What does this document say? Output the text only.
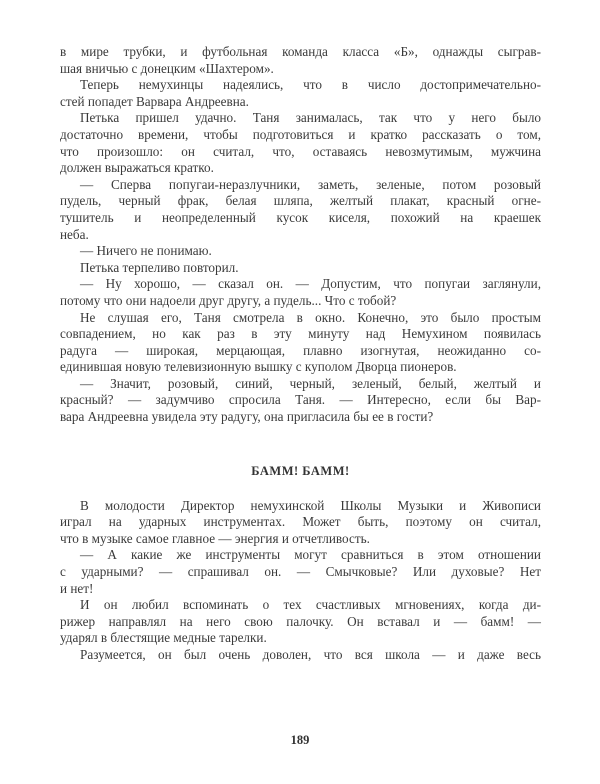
в мире трубки, и футбольная команда класса «Б», однажды сыграв-
шая вничью с донецким «Шахтером».
Теперь немухинцы надеялись, что в число достопримечательно-
стей попадет Варвара Андреевна.
Петька пришел удачно. Таня занималась, так что у него было
достаточно времени, чтобы подготовиться и кратко рассказать о том,
что произошло: он считал, что, оставаясь невозмутимым, мужчина
должен выражаться кратко.
— Сперва попугаи-неразлучники, заметь, зеленые, потом розовый
пудель, черный фрак, белая шляпа, желтый плакат, красный огне-
тушитель и неопределенный кусок киселя, похожий на краешек
неба.
— Ничего не понимаю.
Петька терпеливо повторил.
— Ну хорошо, — сказал он. — Допустим, что попугаи заглянули,
потому что они надоели друг другу, а пудель... Что с тобой?
Не слушая его, Таня смотрела в окно. Конечно, это было простым
совпадением, но как раз в эту минуту над Немухином появилась
радуга — широкая, мерцающая, плавно изогнутая, неожиданно со-
единившая новую телевизионную вышку с куполом Дворца пионеров.
— Значит, розовый, синий, черный, зеленый, белый, желтый и
красный? — задумчиво спросила Таня. — Интересно, если бы Вар-
вара Андреевна увидела эту радугу, она пригласила бы ее в гости?
БАММ! БАММ!
В молодости Директор немухинской Школы Музыки и Живописи
играл на ударных инструментах. Может быть, поэтому он считал,
что в музыке самое главное — энергия и отчетливость.
— А какие же инструменты могут сравниться в этом отношении
с ударными? — спрашивал он. — Смычковые? Или духовые? Нет
и нет!
И он любил вспоминать о тех счастливых мгновениях, когда ди-
рижер направлял на него свою палочку. Он вставал и — бамм! —
ударял в блестящие медные тарелки.
Разумеется, он был очень доволен, что вся школа — и даже весь
189
